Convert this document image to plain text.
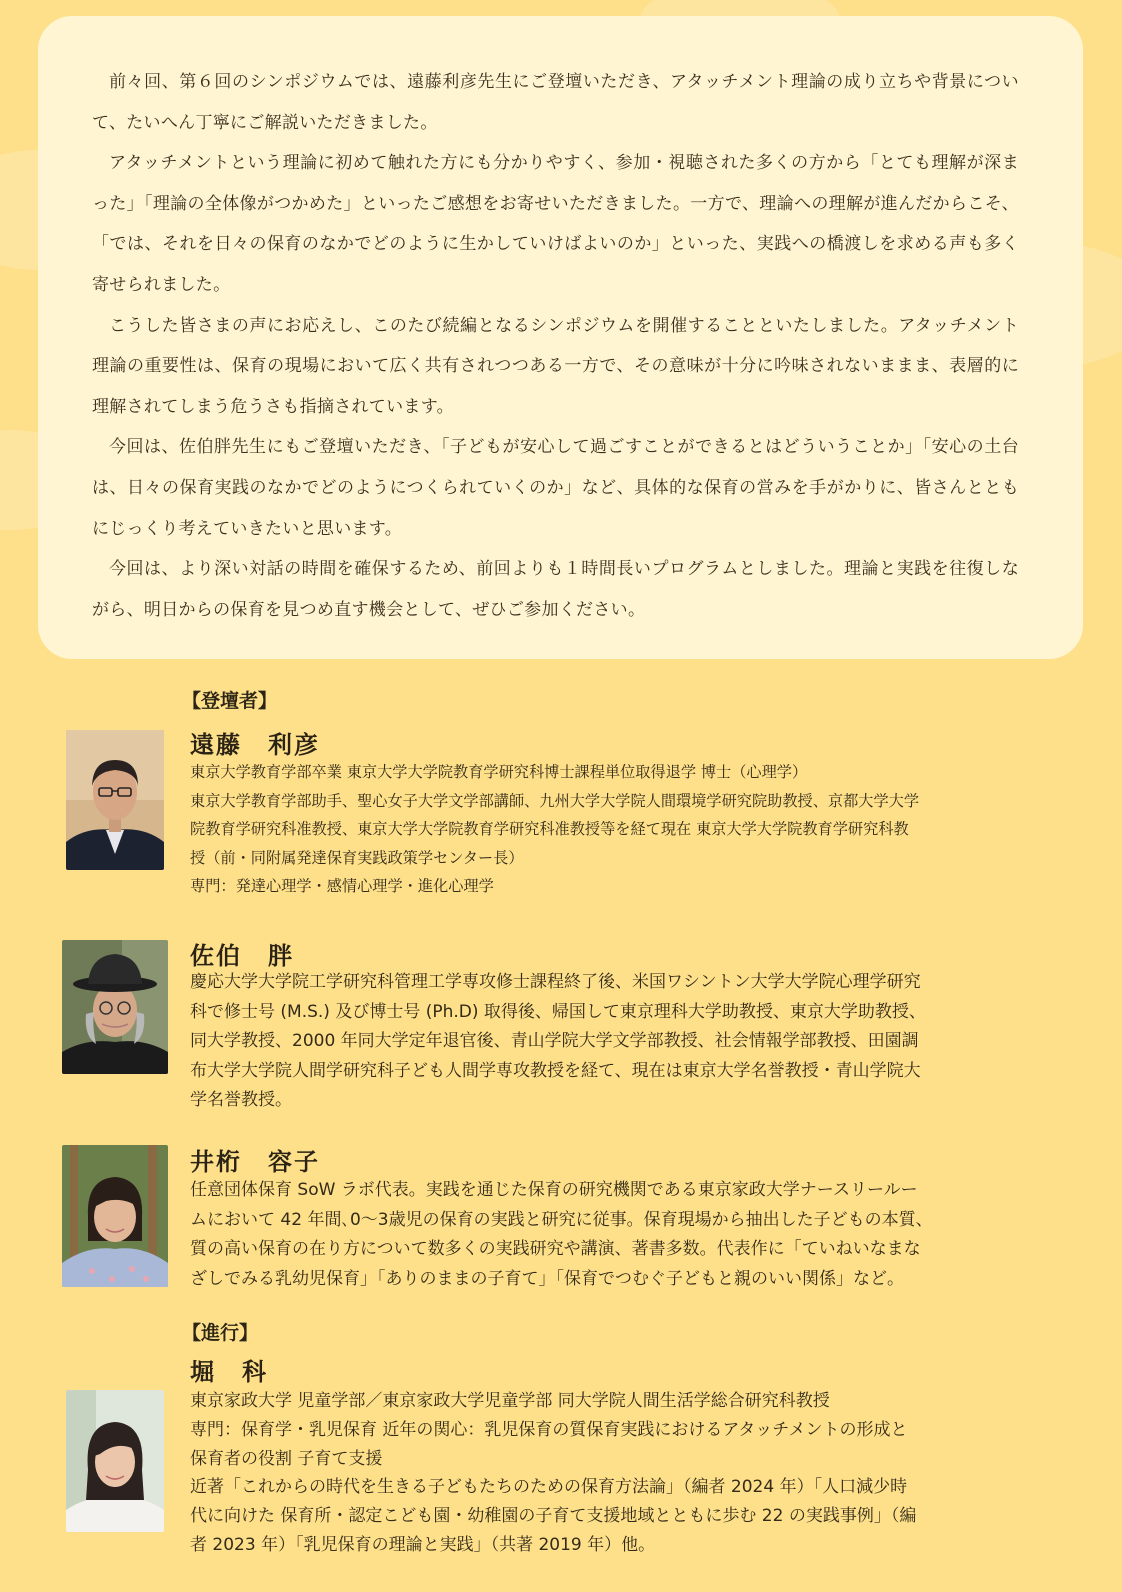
前々回、第６回のシンポジウムでは、遠藤利彦先生にご登壇いただき、アタッチメント理論の成り立ちや背景について、たいへん丁寧にご解説いただきました。

アタッチメントという理論に初めて触れた方にも分かりやすく、参加・視聴された多くの方から「とても理解が深まった」「理論の全体像がつかめた」といったご感想をお寄せいただきました。一方で、理論への理解が進んだからこそ、「では、それを日々の保育のなかでどのように生かしていけばよいのか」といった、実践への橋渡しを求める声も多く寄せられました。

こうした皆さまの声にお応えし、このたび続編となるシンポジウムを開催することといたしました。アタッチメント理論の重要性は、保育の現場において広く共有されつつある一方で、その意味が十分に吟味されないままま、表層的に理解されてしまう危うさも指摘されています。

今回は、佐伯胖先生にもご登壇いただき、「子どもが安心して過ごすことができるとはどういうことか」「安心の土台は、日々の保育実践のなかでどのようにつくられていくのか」など、具体的な保育の営みを手がかりに、皆さんとともにじっくり考えていきたいと思います。

今回は、より深い対話の時間を確保するため、前回よりも１時間長いプログラムとしました。理論と実践を往復しながら、明日からの保育を見つめ直す機会として、ぜひご参加ください。

【登壇者】
遠藤　利彦
東京大学教育学部卒業 東京大学大学院教育学研究科博士課程単位取得退学 博士（心理学）
東京大学教育学部助手、聖心女子大学文学部講師、九州大学大学院人間環境学研究院助教授、京都大学大学
院教育学研究科准教授、東京大学大学院教育学研究科准教授等を経て現在 東京大学大学院教育学研究科教
授（前・同附属発達保育実践政策学センター長）
専門：発達心理学・感情心理学・進化心理学
佐伯　胖
慶応大学大学院工学研究科管理工学専攻修士課程終了後、米国ワシントン大学大学院心理学研究
科で修士号 (M.S.) 及び博士号 (Ph.D) 取得後、帰国して東京理科大学助教授、東京大学助教授、
同大学教授、2000 年同大学定年退官後、青山学院大学文学部教授、社会情報学部教授、田園調
布大学大学院人間学研究科子ども人間学専攻教授を経て、現在は東京大学名誉教授・青山学院大
学名誉教授。
井桁　容子
任意団体保育 SoW ラボ代表。実践を通じた保育の研究機関である東京家政大学ナースリールー
ムにおいて 42 年間､0～3歳児の保育の実践と研究に従事。保育現場から抽出した子どもの本質、
質の高い保育の在り方について数多くの実践研究や講演、著書多数。代表作に「ていねいなまな
ざしでみる乳幼児保育」「ありのままの子育て」「保育でつむぐ子どもと親のいい関係」など。
【進行】
堀　科
東京家政大学 児童学部／東京家政大学児童学部 同大学院人間生活学総合研究科教授
専門：保育学・乳児保育 近年の関心：乳児保育の質保育実践におけるアタッチメントの形成と
保育者の役割 子育て支援
近著「これからの時代を生きる子どもたちのための保育方法論」（編者 2024 年）「人口減少時
代に向けた 保育所・認定こども園・幼稚園の子育て支援地域とともに歩む 22 の実践事例」（編
者 2023 年）「乳児保育の理論と実践」（共著 2019 年）他。
